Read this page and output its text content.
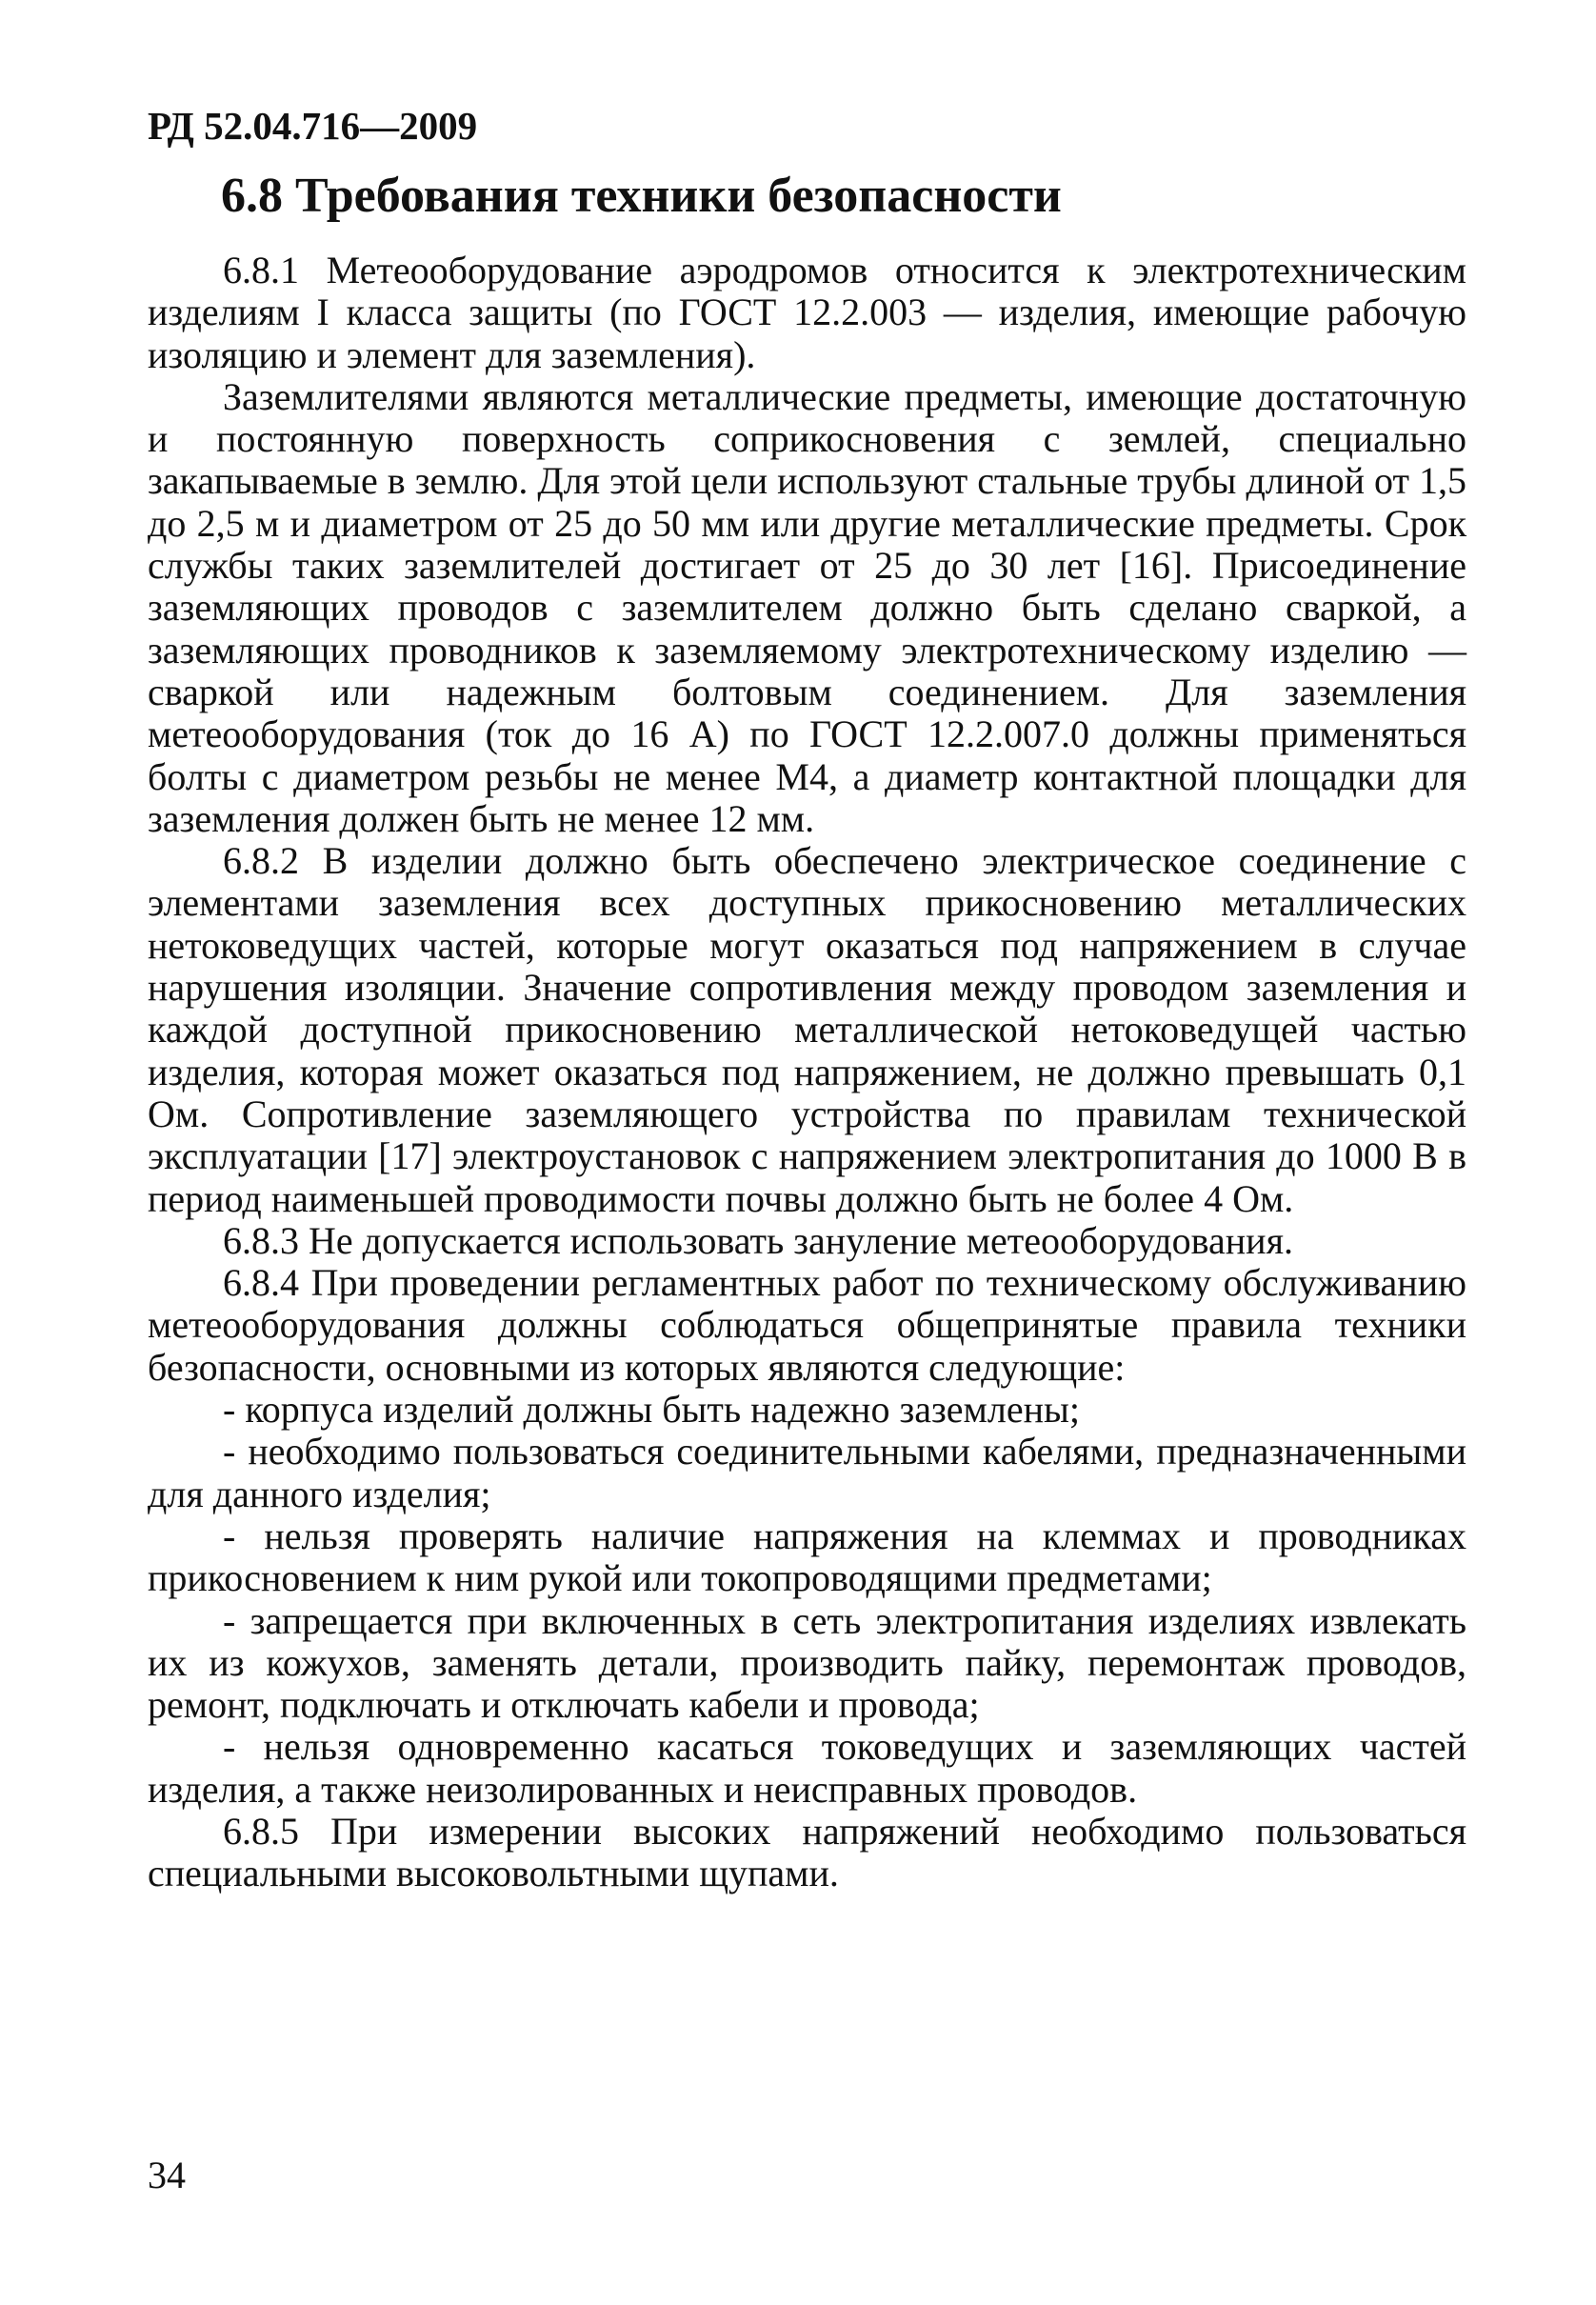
РД 52.04.716—2009
6.8 Требования техники безопасности

6.8.1 Метеооборудование аэродромов относится к электротехническим изделиям I класса защиты (по ГОСТ 12.2.003 — изделия, имеющие рабочую изоляцию и элемент для заземления).

Заземлителями являются металлические предметы, имеющие достаточную и постоянную поверхность соприкосновения с землей, специально закапываемые в землю. Для этой цели используют стальные трубы длиной от 1,5 до 2,5 м и диаметром от 25 до 50 мм или другие металлические предметы. Срок службы таких заземлителей достигает от 25 до 30 лет [16]. Присоединение заземляющих проводов с заземлителем должно быть сделано сваркой, а заземляющих проводников к заземляемому электротехническому изделию — сваркой или надежным болтовым соединением. Для заземления метеооборудования (ток до 16 А) по ГОСТ 12.2.007.0 должны применяться болты с диаметром резьбы не менее М4, а диаметр контактной площадки для заземления должен быть не менее 12 мм.

6.8.2 В изделии должно быть обеспечено электрическое соединение с элементами заземления всех доступных прикосновению металлических нетоковедущих частей, которые могут оказаться под напряжением в случае нарушения изоляции. Значение сопротивления между проводом заземления и каждой доступной прикосновению металлической нетоковедущей частью изделия, которая может оказаться под напряжением, не должно превышать 0,1 Ом. Сопротивление заземляющего устройства по правилам технической эксплуатации [17] электроустановок с напряжением электропитания до 1000 В в период наименьшей проводимости почвы должно быть не более 4 Ом.

6.8.3 Не допускается использовать зануление метеооборудования.

6.8.4 При проведении регламентных работ по техническому обслуживанию метеооборудования должны соблюдаться общепринятые правила техники безопасности, основными из которых являются следующие:

- корпуса изделий должны быть надежно заземлены;

- необходимо пользоваться соединительными кабелями, предназначенными для данного изделия;

- нельзя проверять наличие напряжения на клеммах и проводниках прикосновением к ним рукой или токопроводящими предметами;

- запрещается при включенных в сеть электропитания изделиях извлекать их из кожухов, заменять детали, производить пайку, перемонтаж проводов, ремонт, подключать и отключать кабели и провода;

- нельзя одновременно касаться токоведущих и заземляющих частей изделия, а также неизолированных и неисправных проводов.

6.8.5 При измерении высоких напряжений необходимо пользоваться специальными высоковольтными щупами.

34
